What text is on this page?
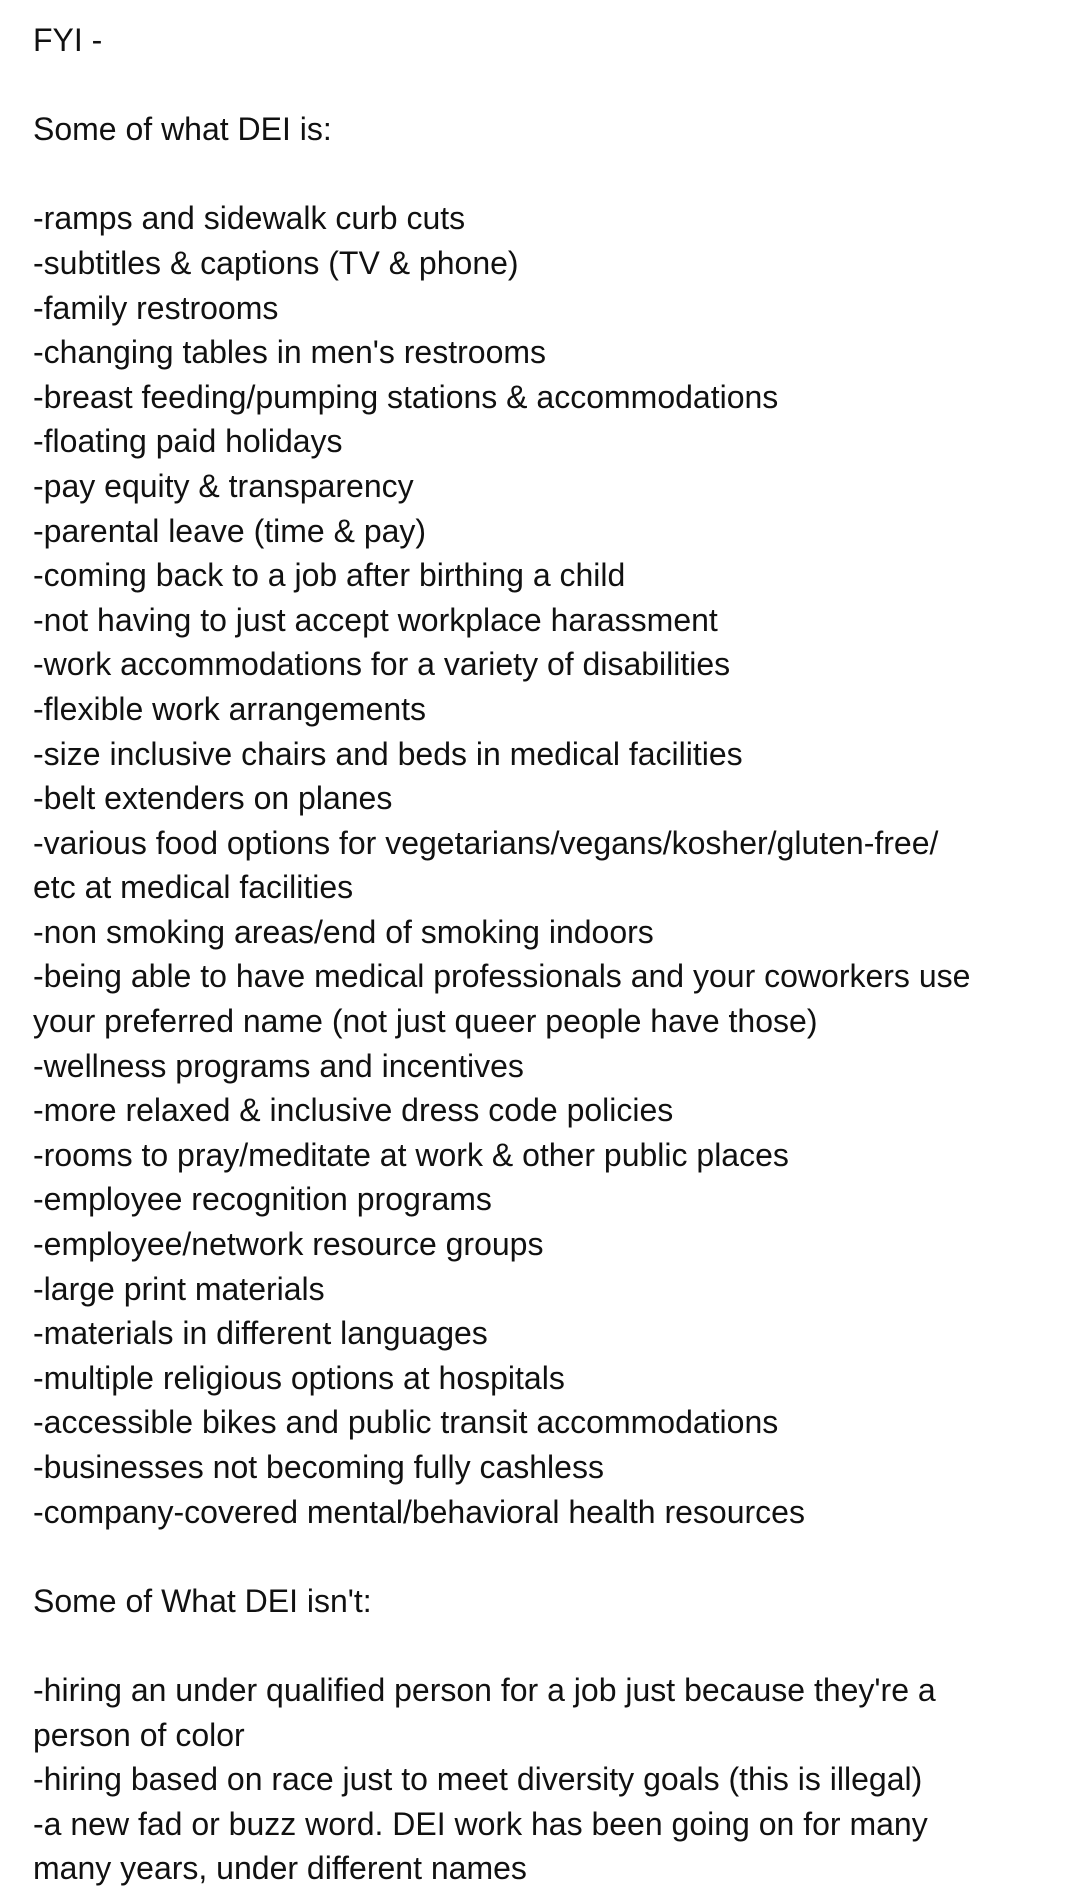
FYI -
Some of what DEI is:
-ramps and sidewalk curb cuts
-subtitles & captions (TV & phone)
-family restrooms
-changing tables in men's restrooms
-breast feeding/pumping stations & accommodations
-floating paid holidays
-pay equity & transparency
-parental leave (time & pay)
-coming back to a job after birthing a child
-not having to just accept workplace harassment
-work accommodations for a variety of disabilities
-flexible work arrangements
-size inclusive chairs and beds in medical facilities
-belt extenders on planes
-various food options for vegetarians/vegans/kosher/gluten-free/
etc at medical facilities
-non smoking areas/end of smoking indoors
-being able to have medical professionals and your coworkers use
your preferred name (not just queer people have those)
-wellness programs and incentives
-more relaxed & inclusive dress code policies
-rooms to pray/meditate at work & other public places
-employee recognition programs
-employee/network resource groups
-large print materials
-materials in different languages
-multiple religious options at hospitals
-accessible bikes and public transit accommodations
-businesses not becoming fully cashless
-company-covered mental/behavioral health resources
Some of What DEI isn't:
-hiring an under qualified person for a job just because they're a
person of color
-hiring based on race just to meet diversity goals (this is illegal)
-a new fad or buzz word. DEI work has been going on for many
many years, under different names
